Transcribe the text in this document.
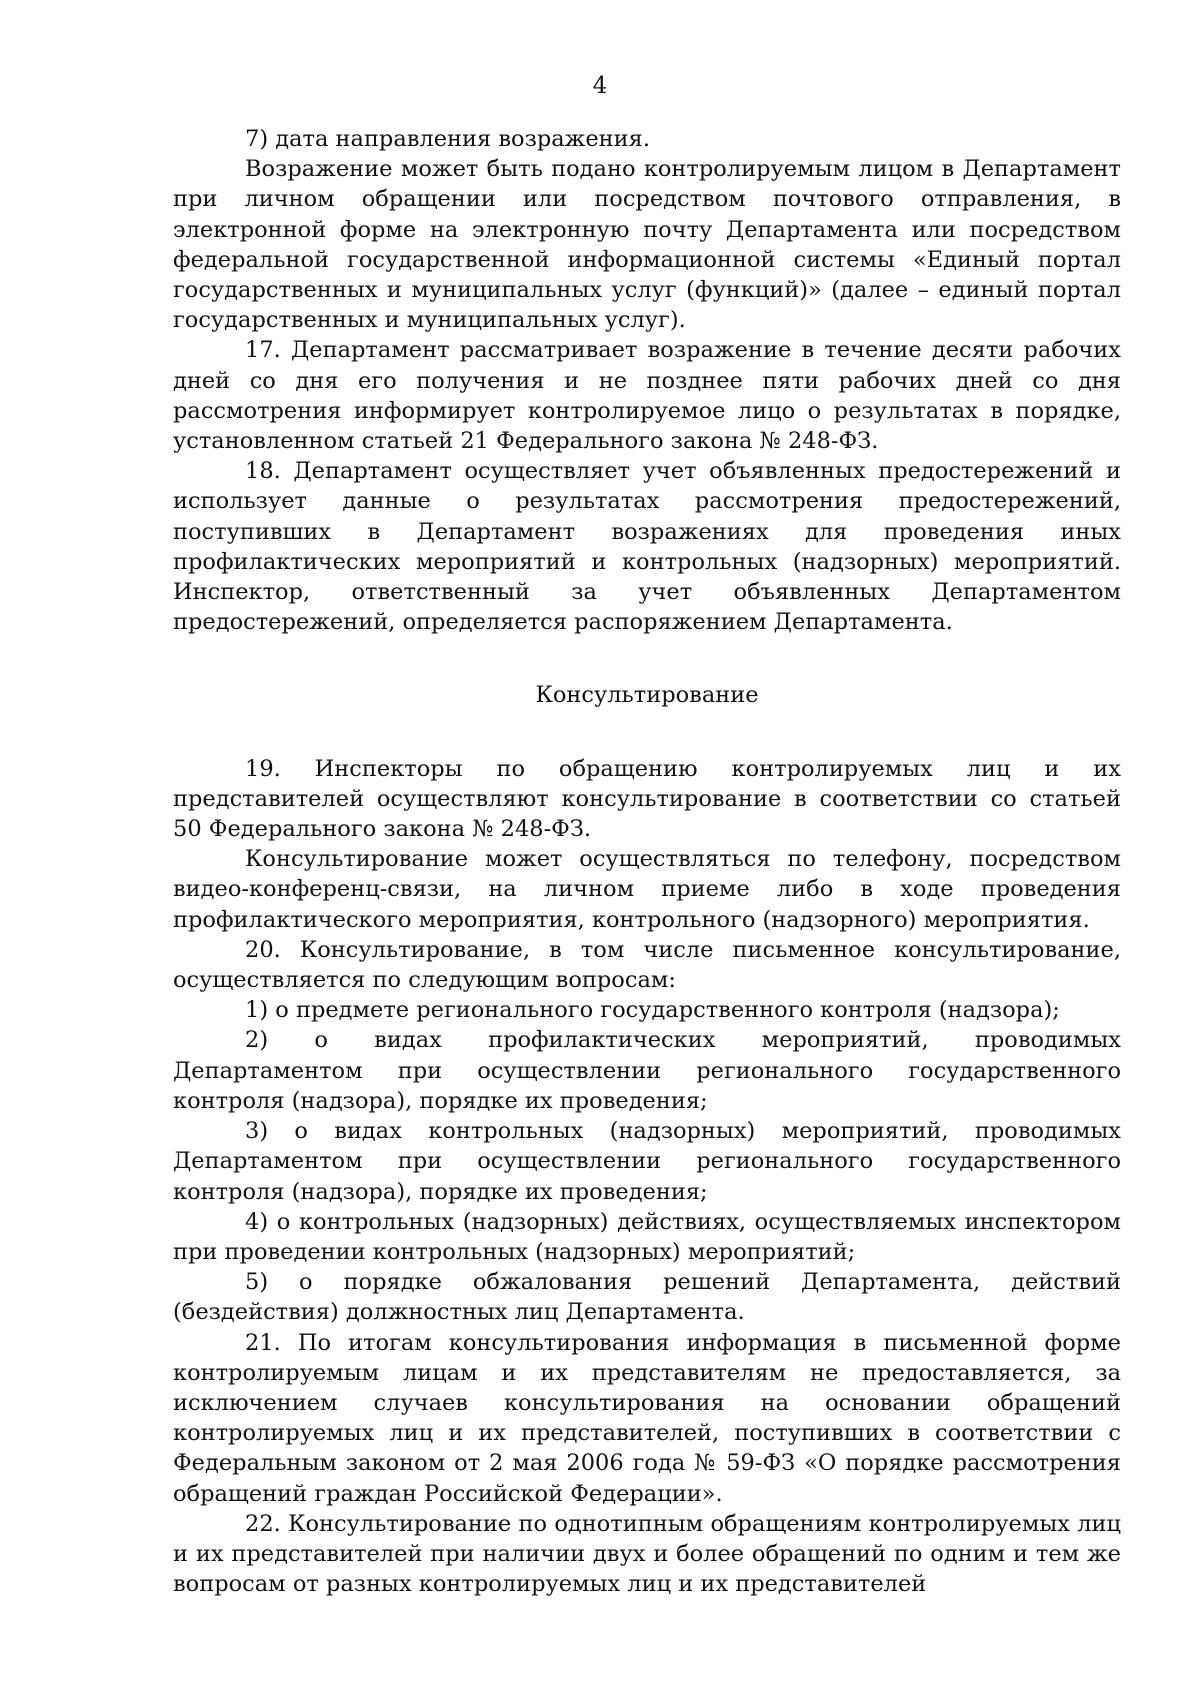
4

7) дата направления возражения.

Возражение может быть подано контролируемым лицом в Департамент при личном обращении или посредством почтового отправления, в электронной форме на электронную почту Департамента или посредством федеральной государственной информационной системы «Единый портал государственных и муниципальных услуг (функций)» (далее – единый портал государственных и муниципальных услуг).

17. Департамент рассматривает возражение в течение десяти рабочих дней со дня его получения и не позднее пяти рабочих дней со дня рассмотрения информирует контролируемое лицо о результатах в порядке, установленном статьей 21 Федерального закона № 248-ФЗ.

18. Департамент осуществляет учет объявленных предостережений и использует данные о результатах рассмотрения предостережений, поступивших в Департамент возражениях для проведения иных профилактических мероприятий и контрольных (надзорных) мероприятий. Инспектор, ответственный за учет объявленных Департаментом предостережений, определяется распоряжением Департамента.

Консультирование

19. Инспекторы по обращению контролируемых лиц и их представителей осуществляют консультирование в соответствии со статьей 50 Федерального закона № 248-ФЗ.

Консультирование может осуществляться по телефону, посредством видео-конференц-связи, на личном приеме либо в ходе проведения профилактического мероприятия, контрольного (надзорного) мероприятия.

20. Консультирование, в том числе письменное консультирование, осуществляется по следующим вопросам:

1) о предмете регионального государственного контроля (надзора);

2) о видах профилактических мероприятий, проводимых Департаментом при осуществлении регионального государственного контроля (надзора), порядке их проведения;

3) о видах контрольных (надзорных) мероприятий, проводимых Департаментом при осуществлении регионального государственного контроля (надзора), порядке их проведения;

4) о контрольных (надзорных) действиях, осуществляемых инспектором при проведении контрольных (надзорных) мероприятий;

5) о порядке обжалования решений Департамента, действий (бездействия) должностных лиц Департамента.

21. По итогам консультирования информация в письменной форме контролируемым лицам и их представителям не предоставляется, за исключением случаев консультирования на основании обращений контролируемых лиц и их представителей, поступивших в соответствии с Федеральным законом от 2 мая 2006 года № 59-ФЗ «О порядке рассмотрения обращений граждан Российской Федерации».

22. Консультирование по однотипным обращениям контролируемых лиц и их представителей при наличии двух и более обращений по одним и тем же вопросам от разных контролируемых лиц и их представителей
